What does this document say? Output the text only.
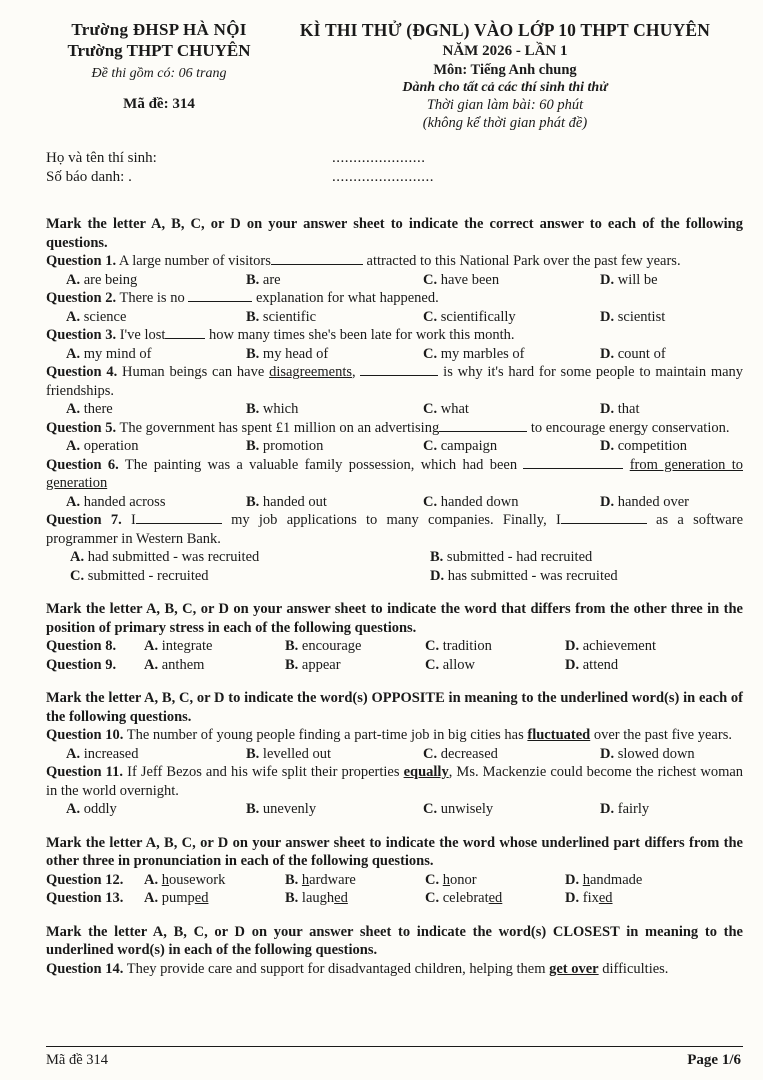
Trường ĐHSP HÀ NỘI
Trường THPT CHUYÊN
Đề thi gồm có: 06 trang
Mã đề: 314
KÌ THI THỬ (ĐGNL) VÀO LỚP 10 THPT CHUYÊN
NĂM 2026 - LẦN 1
Môn: Tiếng Anh chung
Dành cho tất cả các thí sinh thi thử
Thời gian làm bài: 60 phút
(không kể thời gian phát đề)
Họ và tên thí sinh:	......................
Số báo danh: .	........................
Mark the letter A, B, C, or D on your answer sheet to indicate the correct answer to each of the following questions.
Question 1. A large number of visitors	attracted to this National Park over the past few years.
A. are being	B. are	C. have been	D. will be
Question 2. There is no	explanation for what happened.
A. science	B. scientific	C. scientifically	D. scientist
Question 3. I've lost	how many times she's been late for work this month.
A. my mind of	B. my head of	C. my marbles of	D. count of
Question 4. Human beings can have disagreements,	is why it's hard for some people to maintain many friendships.
A. there	B. which	C. what	D. that
Question 5. The government has spent £1 million on an advertising	to encourage energy conservation.
A. operation	B. promotion	C. campaign	D. competition
Question 6. The painting was a valuable family possession, which had been	from generation to generation
A. handed across	B. handed out	C. handed down	D. handed over
Question 7. I	my job applications to many companies. Finally, I	as a software programmer in Western Bank.
A. had submitted - was recruited	B. submitted - had recruited
C. submitted - recruited	D. has submitted - was recruited
Mark the letter A, B, C, or D on your answer sheet to indicate the word that differs from the other three in the position of primary stress in each of the following questions.
Question 8.	A. integrate	B. encourage	C. tradition	D. achievement
Question 9.	A. anthem	B. appear	C. allow	D. attend
Mark the letter A, B, C, or D to indicate the word(s) OPPOSITE in meaning to the underlined word(s) in each of the following questions.
Question 10. The number of young people finding a part-time job in big cities has fluctuated over the past five years.
A. increased	B. levelled out	C. decreased	D. slowed down
Question 11. If Jeff Bezos and his wife split their properties equally, Ms. Mackenzie could become the richest woman in the world overnight.
A. oddly	B. unevenly	C. unwisely	D. fairly
Mark the letter A, B, C, or D on your answer sheet to indicate the word whose underlined part differs from the other three in pronunciation in each of the following questions.
Question 12.	A. housework	B. hardware	C. honor	D. handmade
Question 13.	A. pumped	B. laughed	C. celebrated	D. fixed
Mark the letter A, B, C, or D on your answer sheet to indicate the word(s) CLOSEST in meaning to the underlined word(s) in each of the following questions.
Question 14. They provide care and support for disadvantaged children, helping them get over difficulties.
Mã đề 314	Page 1/6
